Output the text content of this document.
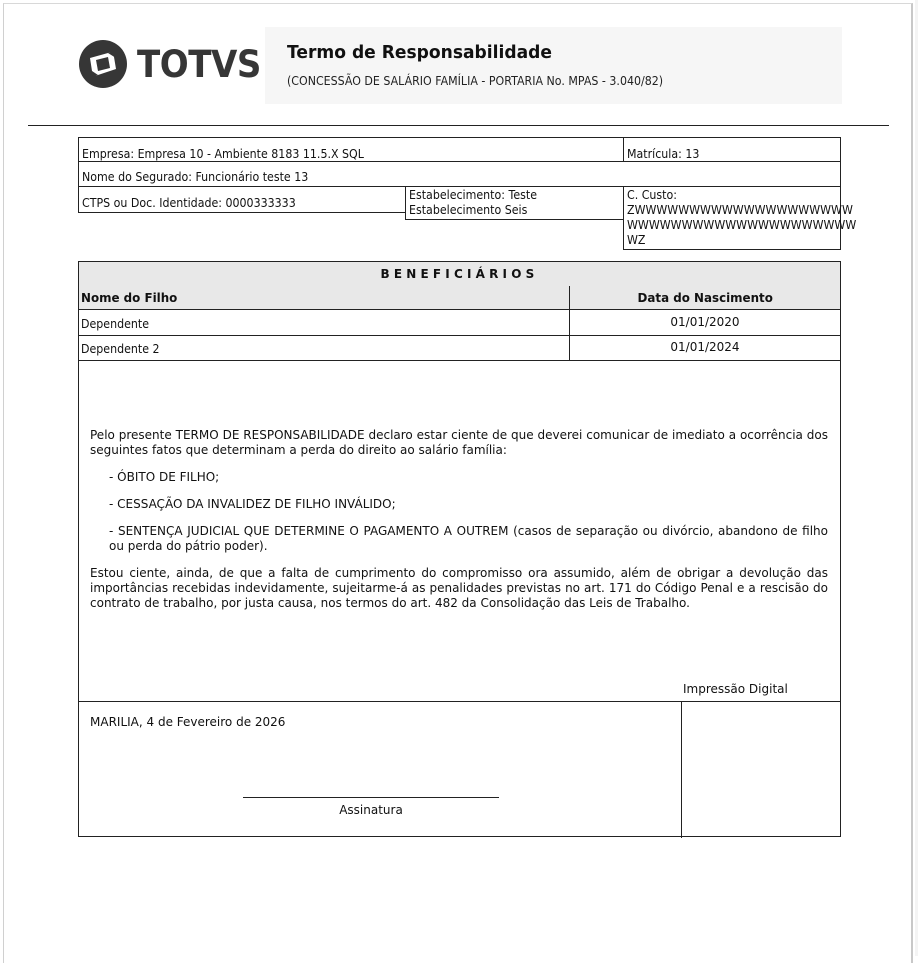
TOTVS Termo de Responsabilidade
(CONCESSÃO DE SALÁRIO FAMÍLIA - PORTARIA No. MPAS - 3.040/82)
Empresa: Empresa 10 - Ambiente 8183 11.5.X SQL	Matrícula: 13
Nome do Segurado: Funcionário teste 13
CTPS ou Doc. Identidade: 0000333333
Estabelecimento: Teste
Estabelecimento Seis
C. Custo:
ZWWWWWWWWWWWWWWWWWWWW
WWWWWWWWWWWWWWWWWWWWW
WZ
BENEFICIÁRIOS
Nome do Filho	Data do Nascimento
Dependente	01/01/2020
Dependente 2	01/01/2024

Pelo presente TERMO DE RESPONSABILIDADE declaro estar ciente de que deverei comunicar de imediato a ocorrência dos seguintes fatos que determinam a perda do direito ao salário família:

- ÓBITO DE FILHO;

- CESSAÇÃO DA INVALIDEZ DE FILHO INVÁLIDO;

- SENTENÇA JUDICIAL QUE DETERMINE O PAGAMENTO A OUTREM (casos de separação ou divórcio, abandono de filho ou perda do pátrio poder).

Estou ciente, ainda, de que a falta de cumprimento do compromisso ora assumido, além de obrigar a devolução das importâncias recebidas indevidamente, sujeitarme-á as penalidades previstas no art. 171 do Código Penal e a rescisão do contrato de trabalho, por justa causa, nos termos do art. 482 da Consolidação das Leis de Trabalho.

Impressão Digital
MARILIA, 4 de Fevereiro de 2026
Assinatura
